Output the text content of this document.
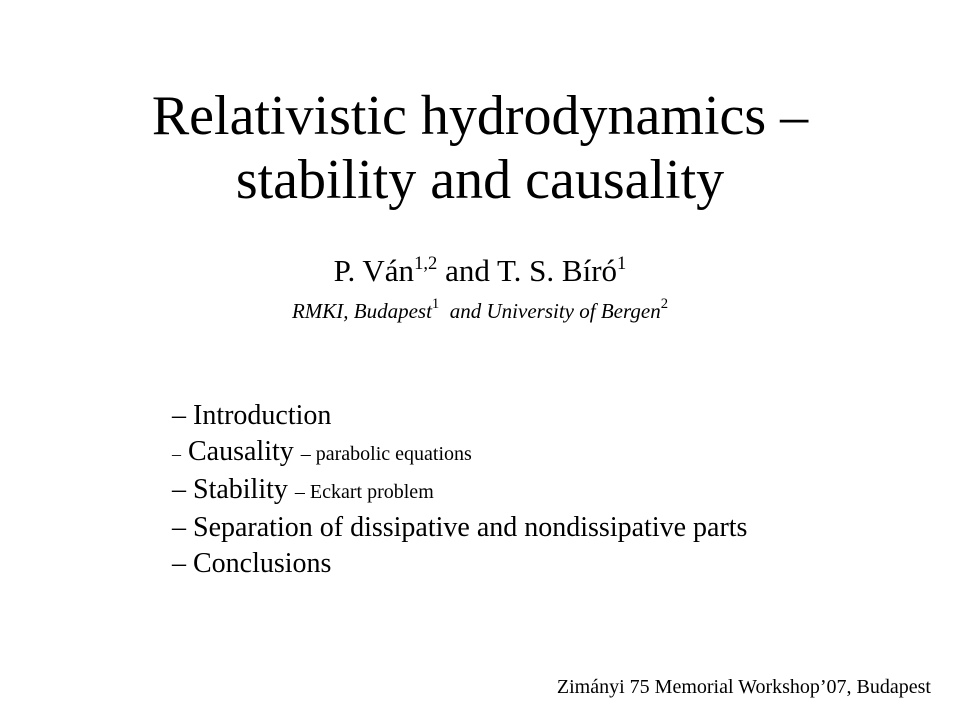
Relativistic hydrodynamics –
stability and causality
P. Ván$^{1,2}$ and T. S. Bíró$^1$
RMKI, Budapest$^1$ and University of Bergen$^2$
– Introduction
– Causality – parabolic equations
– Stability – Eckart problem
– Separation of dissipative and nondissipative parts
– Conclusions
Zimányi 75 Memorial Workshop’07, Budapest
